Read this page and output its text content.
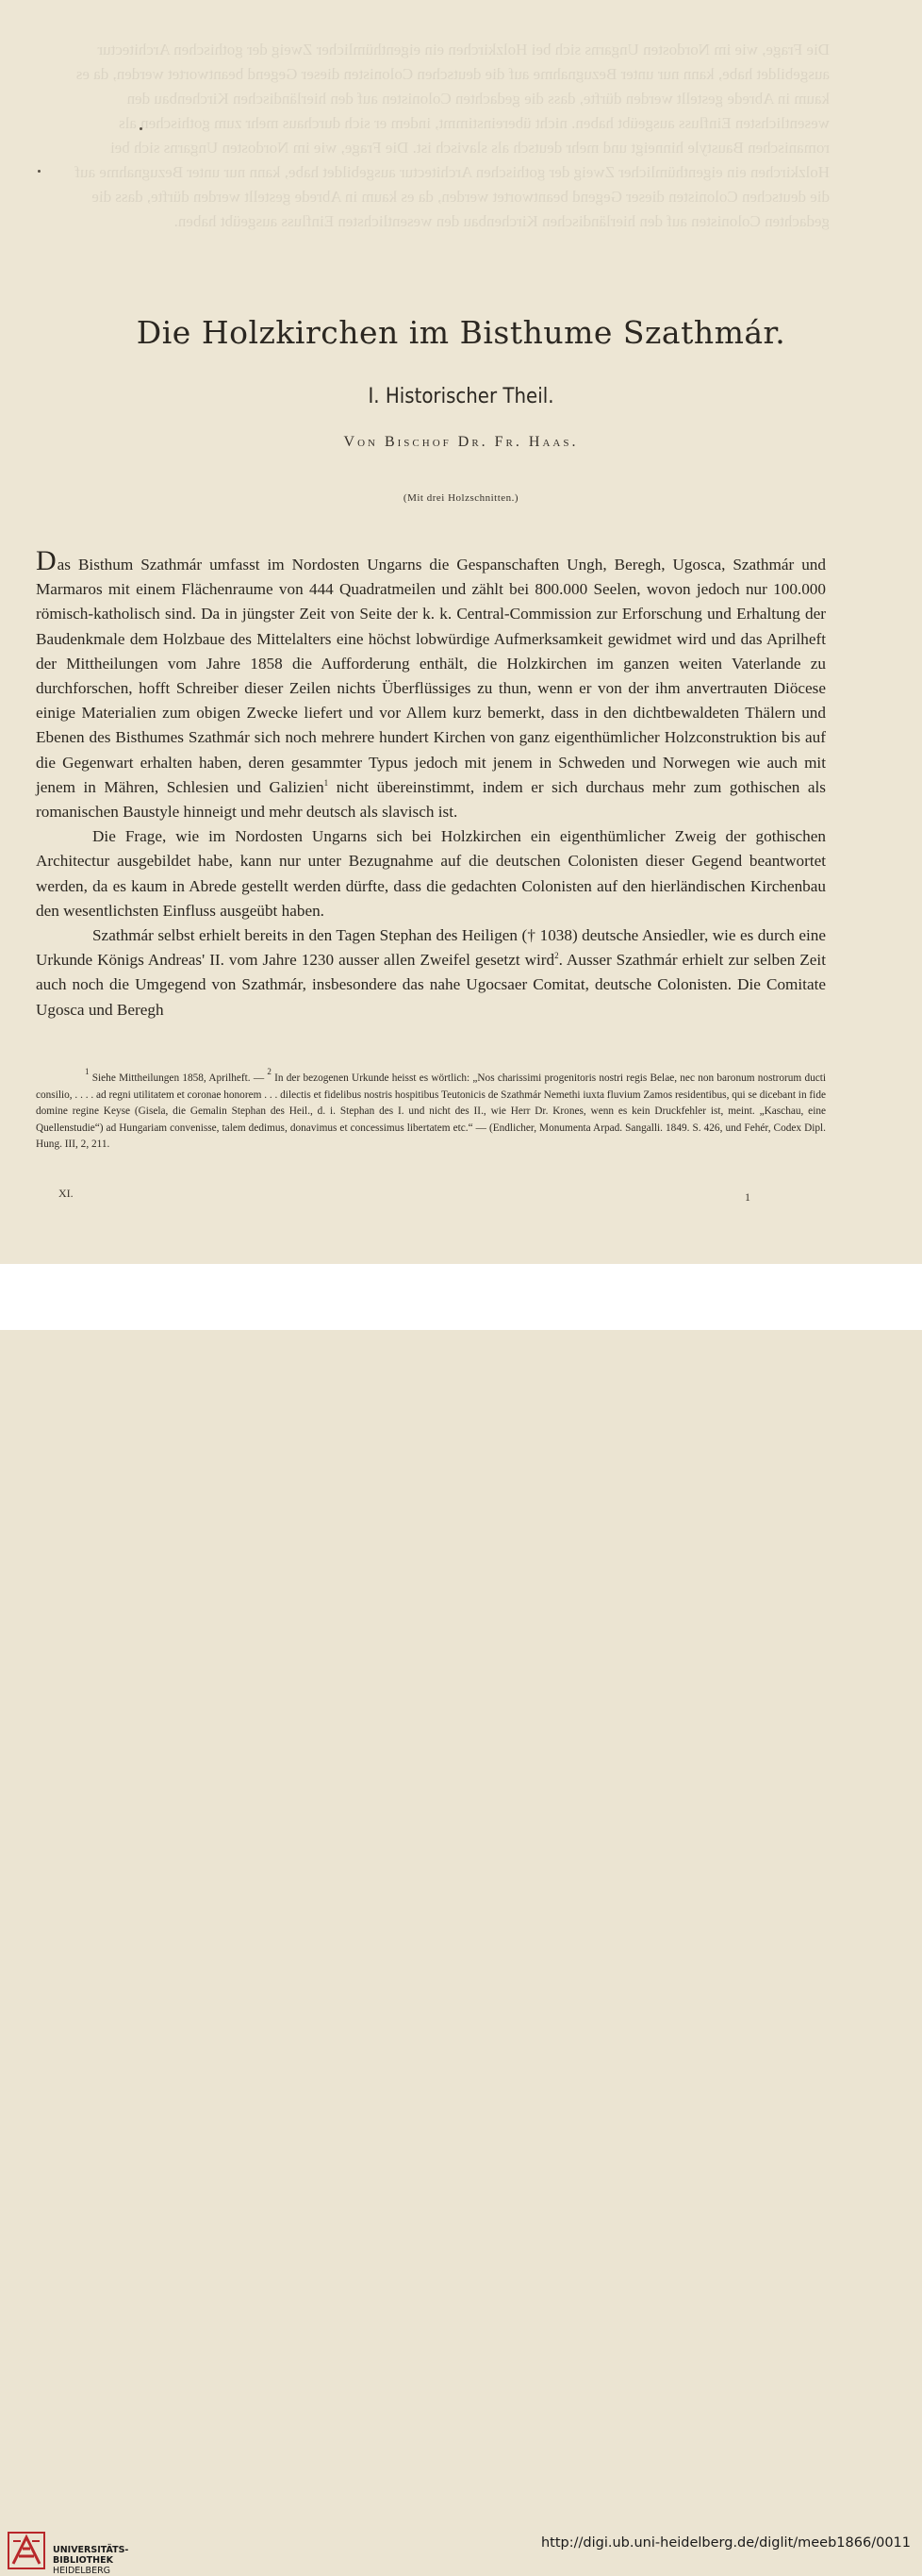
Die Frage, wie im Nordosten Ungarns sich bei Holzkirchen ein eigenthümlicher Zweig der gothischen Architectur ausgebildet habe, kann nur unter Bezugnahme auf die deutschen Colonisten dieser Gegend beantwortet werden, da es kaum in Abrede gestellt werden dürfte, dass die gedachten Colonisten auf den hierländischen Kirchenbau den wesentlichsten Einfluss ausgeübt haben. nicht übereinstimmt, indem er sich durchaus mehr zum gothischen als romanischen Baustyle hinneigt und mehr deutsch als slavisch ist. Die Frage, wie im Nordosten Ungarns sich bei Holzkirchen ein eigenthümlicher Zweig der gothischen Architectur ausgebildet habe, kann nur unter Bezugnahme auf die deutschen Colonisten dieser Gegend beantwortet werden, da es kaum in Abrede gestellt werden dürfte, dass die gedachten Colonisten auf den hierländischen Kirchenbau den wesentlichsten Einfluss ausgeübt haben.
Die Holzkirchen im Bisthume Szathmár.
I. Historischer Theil.
Von Bischof Dr. Fr. Haas.
(Mit drei Holzschnitten.)

Das Bisthum Szathmár umfasst im Nordosten Ungarns die Gespanschaften Ungh, Beregh, Ugosca, Szathmár und Marmaros mit einem Flächenraume von 444 Quadratmeilen und zählt bei 800.000 Seelen, wovon jedoch nur 100.000 römisch-katholisch sind. Da in jüngster Zeit von Seite der k. k. Central-Commission zur Erforschung und Erhaltung der Baudenkmale dem Holzbaue des Mittelalters eine höchst lobwürdige Aufmerksamkeit gewidmet wird und das Aprilheft der Mittheilungen vom Jahre 1858 die Aufforderung enthält, die Holzkirchen im ganzen weiten Vaterlande zu durchforschen, hofft Schreiber dieser Zeilen nichts Überflüssiges zu thun, wenn er von der ihm anvertrauten Diöcese einige Materialien zum obigen Zwecke liefert und vor Allem kurz bemerkt, dass in den dichtbewaldeten Thälern und Ebenen des Bisthumes Szathmár sich noch mehrere hundert Kirchen von ganz eigenthümlicher Holzconstruktion bis auf die Gegenwart erhalten haben, deren gesammter Typus jedoch mit jenem in Schweden und Norwegen wie auch mit jenem in Mähren, Schlesien und Galizien$^1$ nicht übereinstimmt, indem er sich durchaus mehr zum gothischen als romanischen Baustyle hinneigt und mehr deutsch als slavisch ist.

Die Frage, wie im Nordosten Ungarns sich bei Holzkirchen ein eigenthümlicher Zweig der gothischen Architectur ausgebildet habe, kann nur unter Bezugnahme auf die deutschen Colonisten dieser Gegend beantwortet werden, da es kaum in Abrede gestellt werden dürfte, dass die gedachten Colonisten auf den hierländischen Kirchenbau den wesentlichsten Einfluss ausgeübt haben.

Szathmár selbst erhielt bereits in den Tagen Stephan des Heiligen († 1038) deutsche Ansiedler, wie es durch eine Urkunde Königs Andreas' II. vom Jahre 1230 ausser allen Zweifel gesetzt wird$^2$. Ausser Szathmár erhielt zur selben Zeit auch noch die Umgegend von Szathmár, insbesondere das nahe Ugocsaer Comitat, deutsche Colonisten. Die Comitate Ugosca und Beregh

$^1$ Siehe Mittheilungen 1858, Aprilheft. — $^2$ In der bezogenen Urkunde heisst es wörtlich: „Nos charissimi progenitoris nostri regis Belae, nec non baronum nostrorum ducti consilio, . . . . ad regni utilitatem et coronae honorem . . . dilectis et fidelibus nostris hospitibus Teutonicis de Szathmár Nemethi iuxta fluvium Zamos residentibus, qui se dicebant in fide domine regine Keyse (Gisela, die Gemalin Stephan des Heil., d. i. Stephan des I. und nicht des II., wie Herr Dr. Krones, wenn es kein Druckfehler ist, meint. „Kaschau, eine Quellenstudie“) ad Hungariam convenisse, talem dedimus, donavimus et concessimus libertatem etc.“ — (Endlicher, Monumenta Arpad. Sangalli. 1849. S. 426, und Fehér, Codex Dipl. Hung. III, 2, 211.

XI.	1
UNIVERSITÄTS-
BIBLIOTHEK
HEIDELBERG
http://digi.ub.uni-heidelberg.de/diglit/meeb1866/0011
